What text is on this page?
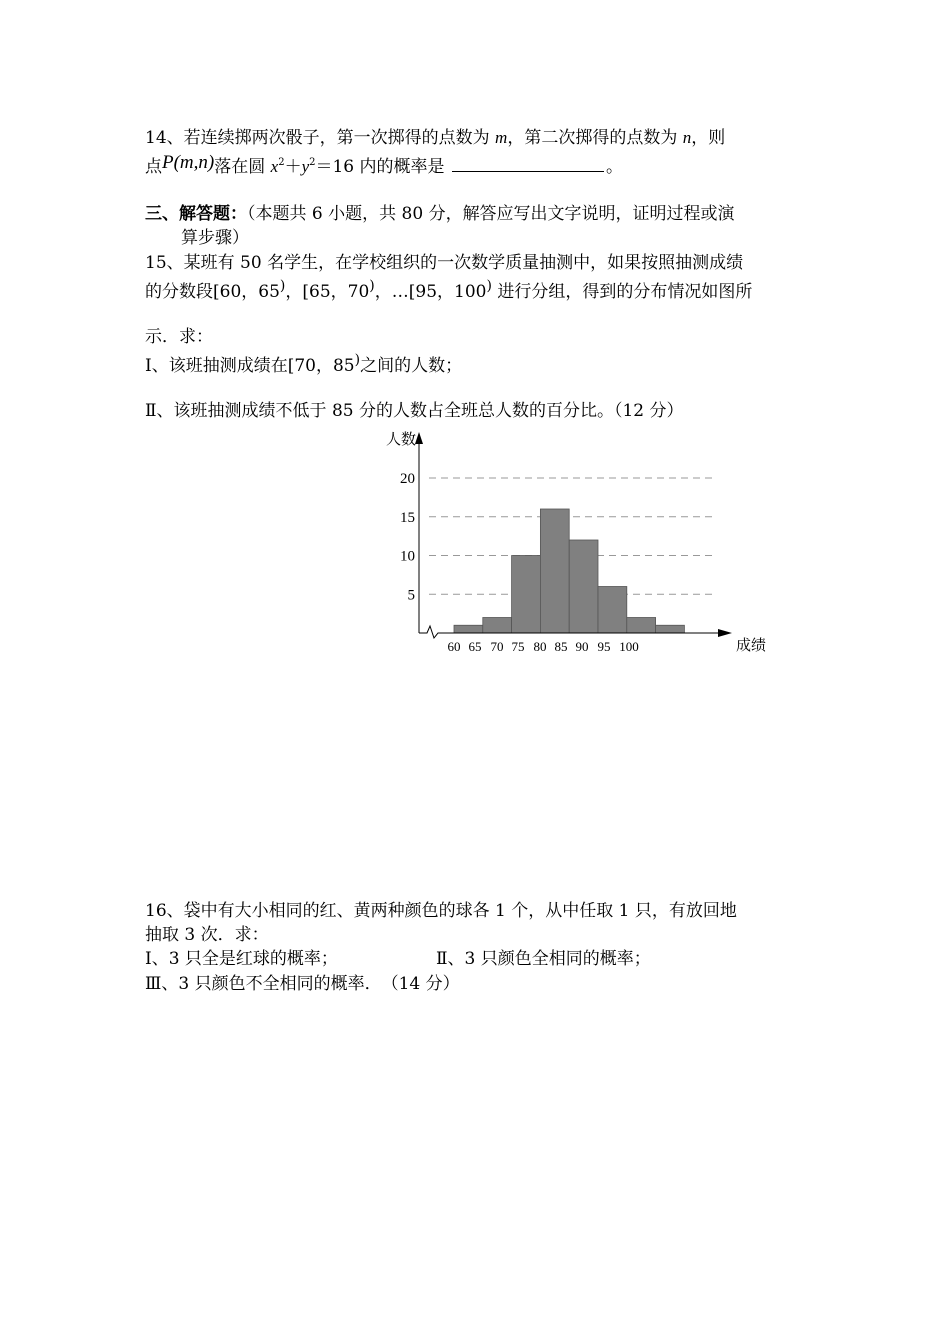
14、若连续掷两次骰子，第一次掷得的点数为 m，第二次掷得的点数为 n，则
点P(m,n)落在圆 $x^2+y^2=16$ 内的概率是	。
三、解答题：（本题共 6 小题，共 80 分，解答应写出文字说明，证明过程或演
算步骤）
15、某班有 50 名学生，在学校组织的一次数学质量抽测中，如果按照抽测成绩
的分数段[60，65)，[65，70)，…[95，100) 进行分组，得到的分布情况如图所
示．求：
Ⅰ、该班抽测成绩在[70，85)之间的人数；
Ⅱ、该班抽测成绩不低于 85 分的人数占全班总人数的百分比。（12 分）
5
10
15
20
60 65 70 75 80 85 90 95 100
人数
成绩
16、袋中有大小相同的红、黄两种颜色的球各 1 个，从中任取 1 只，有放回地
抽取 3 次．求：
Ⅰ、3 只全是红球的概率；	Ⅱ、3 只颜色全相同的概率；
Ⅲ、3 只颜色不全相同的概率．　（14 分）
